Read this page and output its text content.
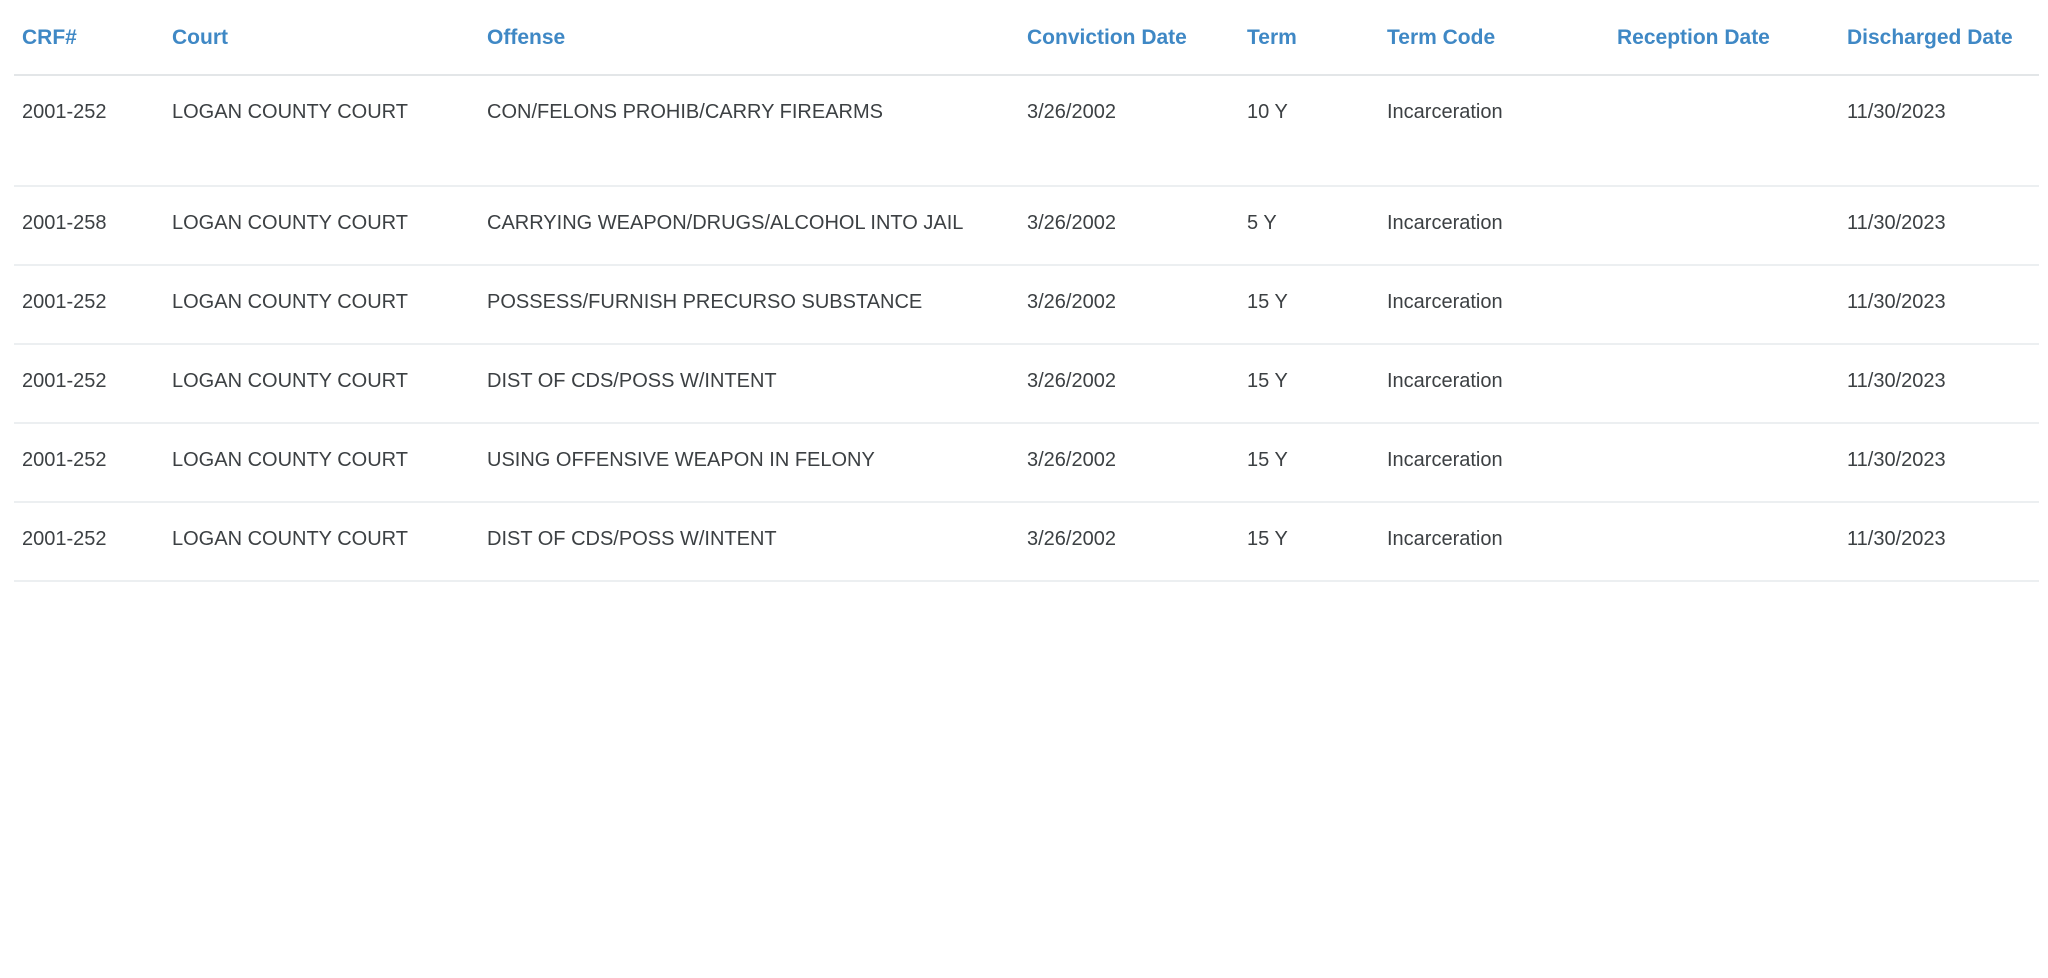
CRF#	Court	Offense	Conviction Date	Term	Term Code	Reception Date	Discharged Date

2001-252	LOGAN COUNTY COURT	CON/FELONS PROHIB/CARRY FIREARMS	3/26/2002	10 Y	Incarceration		11/30/2023

2001-258	LOGAN COUNTY COURT	CARRYING WEAPON/DRUGS/ALCOHOL INTO JAIL	3/26/2002	5 Y	Incarceration		11/30/2023

2001-252	LOGAN COUNTY COURT	POSSESS/FURNISH PRECURSO SUBSTANCE	3/26/2002	15 Y	Incarceration		11/30/2023

2001-252	LOGAN COUNTY COURT	DIST OF CDS/POSS W/INTENT	3/26/2002	15 Y	Incarceration		11/30/2023

2001-252	LOGAN COUNTY COURT	USING OFFENSIVE WEAPON IN FELONY	3/26/2002	15 Y	Incarceration		11/30/2023

2001-252	LOGAN COUNTY COURT	DIST OF CDS/POSS W/INTENT	3/26/2002	15 Y	Incarceration		11/30/2023
